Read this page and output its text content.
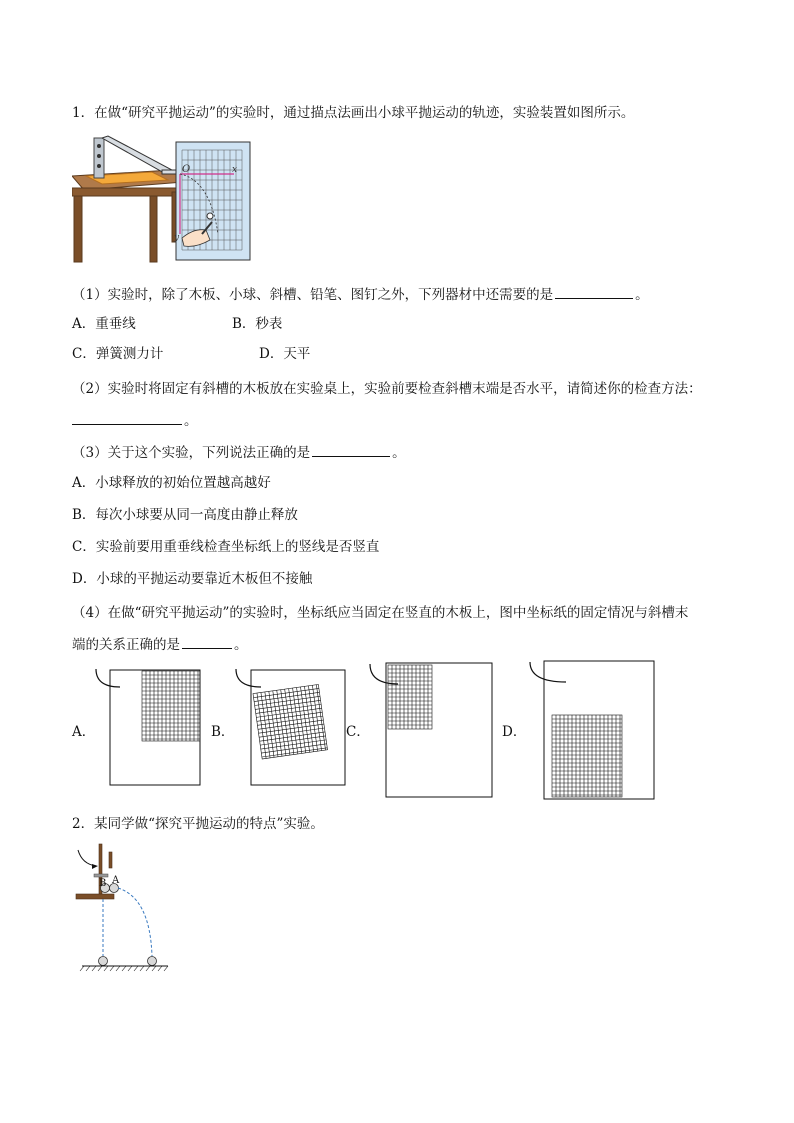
1．在做“研究平抛运动”的实验时，通过描点法画出小球平抛运动的轨迹，实验装置如图所示。
O	x
y
（1）实验时，除了木板、小球、斜槽、铅笔、图钉之外，下列器材中还需要的是	。
A．重垂线	B．秒表
C．弹簧测力计	D．天平
（2）实验时将固定有斜槽的木板放在实验桌上，实验前要检查斜槽末端是否水平，请简述你的检查方法：
。
（3）关于这个实验，下列说法正确的是	。
A．小球释放的初始位置越高越好
B．每次小球要从同一高度由静止释放
C．实验前要用重垂线检查坐标纸上的竖线是否竖直
D．小球的平抛运动要靠近木板但不接触
（4）在做“研究平抛运动”的实验时，坐标纸应当固定在竖直的木板上，图中坐标纸的固定情况与斜槽末
端的关系正确的是	。
A．	B．	C．	D．
2．某同学做“探究平抛运动的特点”实验。
A
B
